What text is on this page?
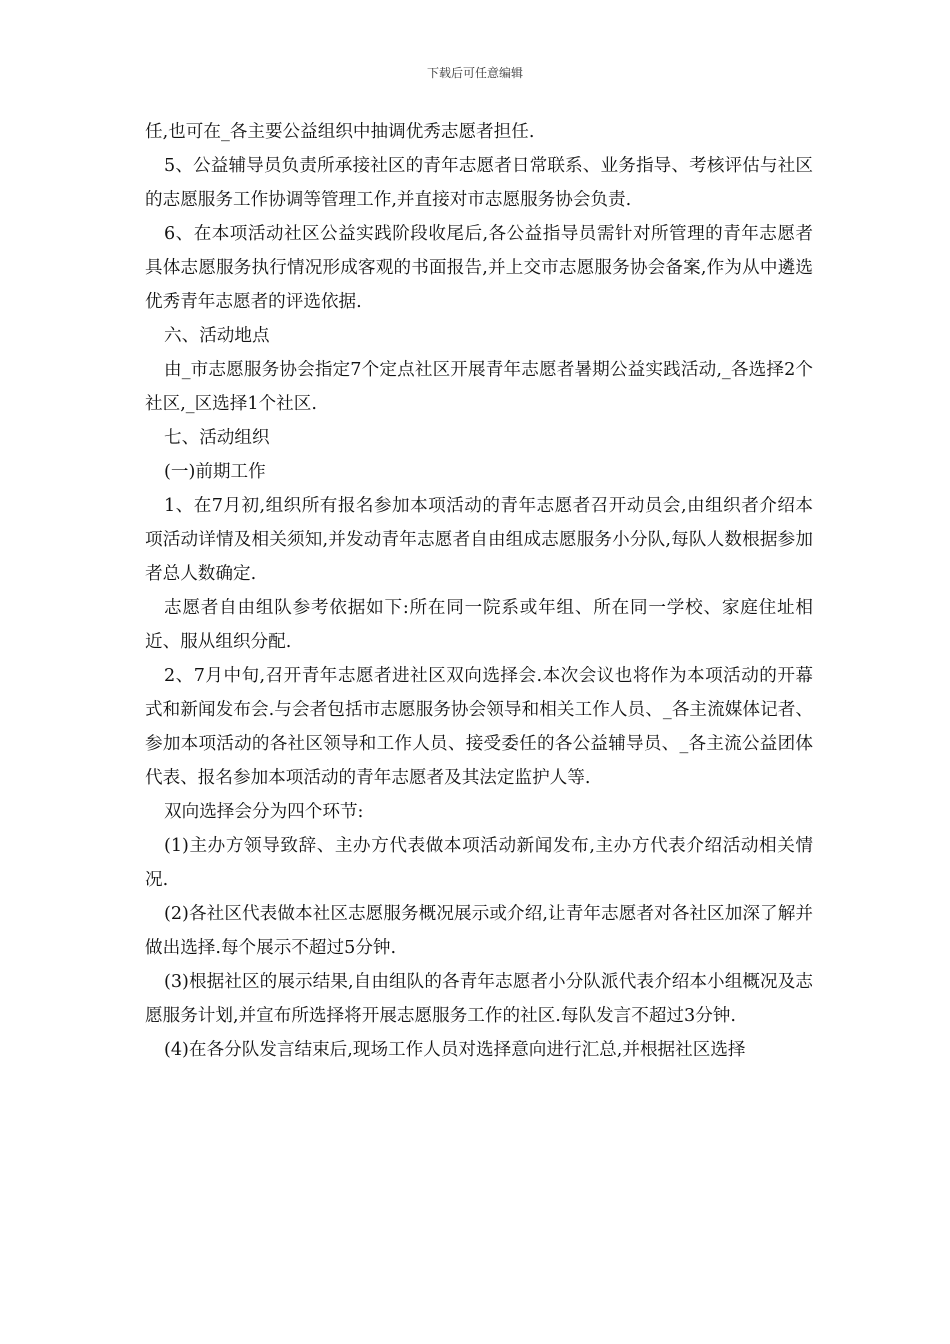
下载后可任意编辑

任,也可在_各主要公益组织中抽调优秀志愿者担任.

5、公益辅导员负责所承接社区的青年志愿者日常联系、业务指导、考核评估与社区的志愿服务工作协调等管理工作,并直接对市志愿服务协会负责.

6、在本项活动社区公益实践阶段收尾后,各公益指导员需针对所管理的青年志愿者具体志愿服务执行情况形成客观的书面报告,并上交市志愿服务协会备案,作为从中遴选优秀青年志愿者的评选依据.

六、活动地点

由_市志愿服务协会指定7个定点社区开展青年志愿者暑期公益实践活动,_各选择2个社区,_区选择1个社区.

七、活动组织

(一)前期工作

1、在7月初,组织所有报名参加本项活动的青年志愿者召开动员会,由组织者介绍本项活动详情及相关须知,并发动青年志愿者自由组成志愿服务小分队,每队人数根据参加者总人数确定.

志愿者自由组队参考依据如下:所在同一院系或年组、所在同一学校、家庭住址相近、服从组织分配.

2、7月中旬,召开青年志愿者进社区双向选择会.本次会议也将作为本项活动的开幕式和新闻发布会.与会者包括市志愿服务协会领导和相关工作人员、_各主流媒体记者、参加本项活动的各社区领导和工作人员、接受委任的各公益辅导员、_各主流公益团体代表、报名参加本项活动的青年志愿者及其法定监护人等.

双向选择会分为四个环节:

(1)主办方领导致辞、主办方代表做本项活动新闻发布,主办方代表介绍活动相关情况.

(2)各社区代表做本社区志愿服务概况展示或介绍,让青年志愿者对各社区加深了解并做出选择.每个展示不超过5分钟.

(3)根据社区的展示结果,自由组队的各青年志愿者小分队派代表介绍本小组概况及志愿服务计划,并宣布所选择将开展志愿服务工作的社区.每队发言不超过3分钟.

(4)在各分队发言结束后,现场工作人员对选择意向进行汇总,并根据社区选择
